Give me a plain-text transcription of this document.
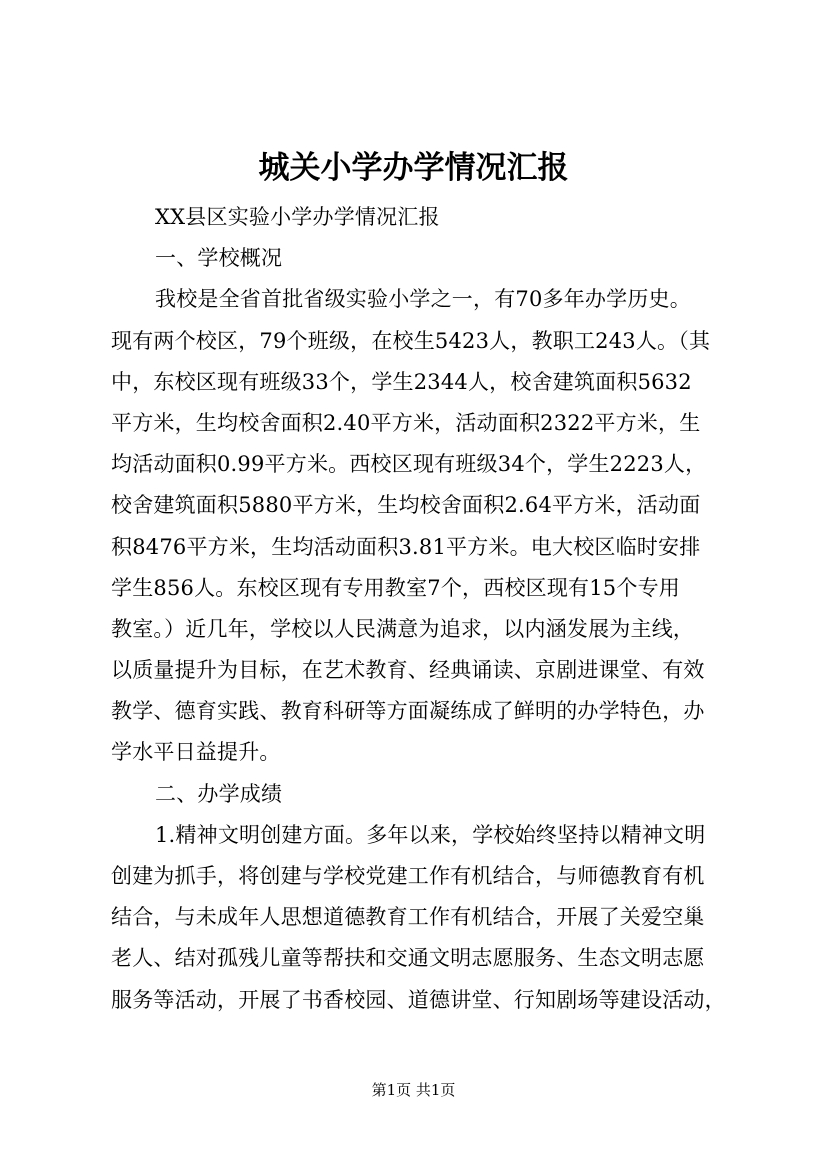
城关小学办学情况汇报
XX县区实验小学办学情况汇报
一、学校概况
我校是全省首批省级实验小学之一，有70多年办学历史。
现有两个校区，79个班级，在校生5423人，教职工243人。（其
中，东校区现有班级33个，学生2344人，校舍建筑面积5632
平方米，生均校舍面积2.40平方米，活动面积2322平方米，生
均活动面积0.99平方米。西校区现有班级34个，学生2223人，
校舍建筑面积5880平方米，生均校舍面积2.64平方米，活动面
积8476平方米，生均活动面积3.81平方米。电大校区临时安排
学生856人。东校区现有专用教室7个，西校区现有15个专用
教室。）近几年，学校以人民满意为追求，以内涵发展为主线，
以质量提升为目标，在艺术教育、经典诵读、京剧进课堂、有效
教学、德育实践、教育科研等方面凝练成了鲜明的办学特色，办
学水平日益提升。
二、办学成绩
1.精神文明创建方面。多年以来，学校始终坚持以精神文明
创建为抓手，将创建与学校党建工作有机结合，与师德教育有机
结合，与未成年人思想道德教育工作有机结合，开展了关爱空巢
老人、结对孤残儿童等帮扶和交通文明志愿服务、生态文明志愿
服务等活动，开展了书香校园、道德讲堂、行知剧场等建设活动，
第1页 共1页
